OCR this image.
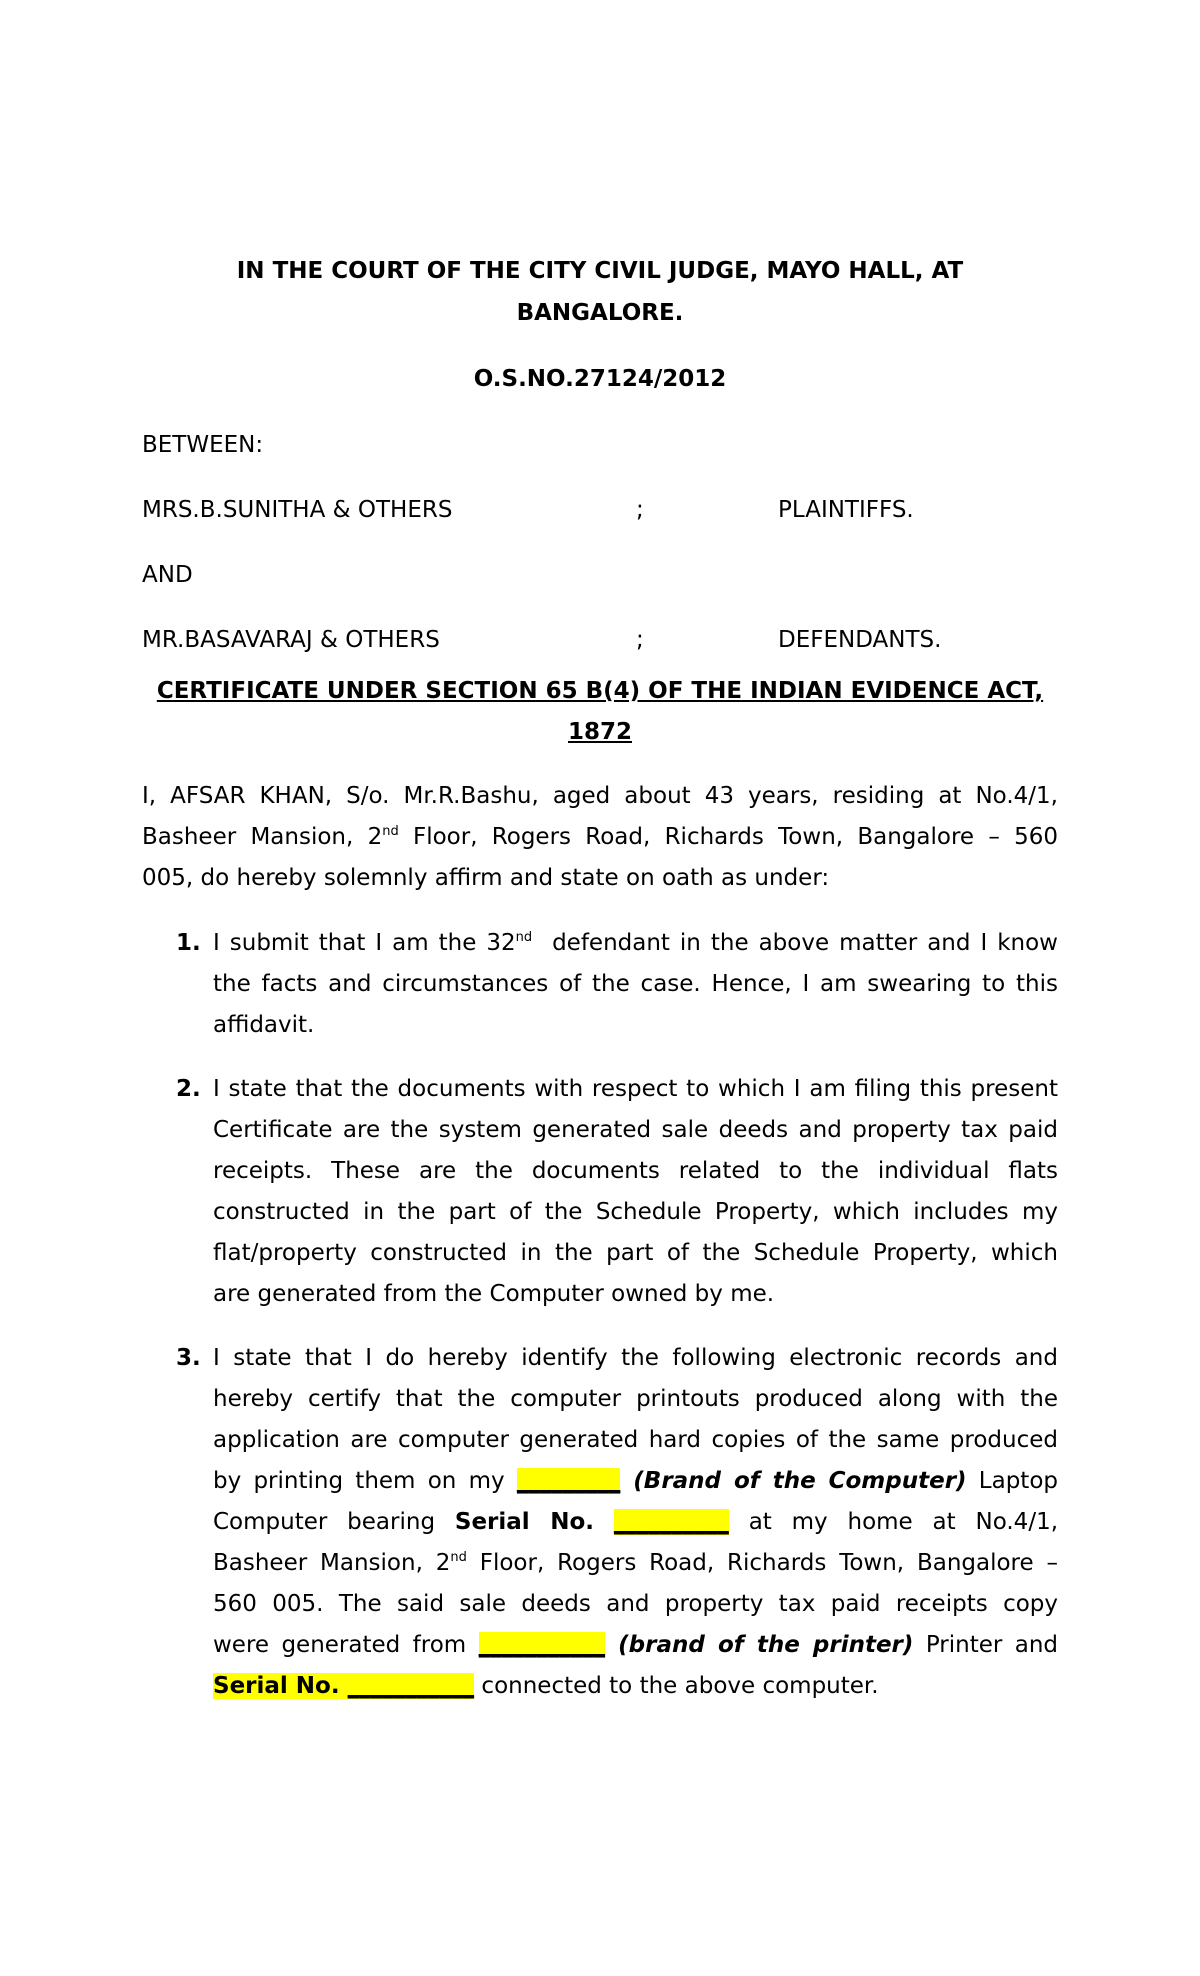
IN THE COURT OF THE CITY CIVIL JUDGE, MAYO HALL, AT
BANGALORE.
O.S.NO.27124/2012
BETWEEN:
MRS.B.SUNITHA & OTHERS	;	PLAINTIFFS.
AND
MR.BASAVARAJ & OTHERS	;	DEFENDANTS.
CERTIFICATE UNDER SECTION 65 B(4) OF THE INDIAN EVIDENCE ACT,
1872
I, AFSAR KHAN, S/o. Mr.R.Bashu, aged about 43 years, residing at No.4/1,
Basheer Mansion, 2nd Floor, Rogers Road, Richards Town, Bangalore – 560
005, do hereby solemnly affirm and state on oath as under:
1. I submit that I am the 32nd  defendant in the above matter and I know
the facts and circumstances of the case. Hence, I am swearing to this
affidavit.
2. I state that the documents with respect to which I am filing this present
Certificate are the system generated sale deeds and property tax paid
receipts. These are the documents related to the individual flats
constructed in the part of the Schedule Property, which includes my
flat/property constructed in the part of the Schedule Property, which
are generated from the Computer owned by me.
3. I state that I do hereby identify the following electronic records and
hereby certify that the computer printouts produced along with the
application are computer generated hard copies of the same produced
by printing them on my _________ (Brand of the Computer) Laptop
Computer bearing Serial No. __________ at my home at No.4/1,
Basheer Mansion, 2nd Floor, Rogers Road, Richards Town, Bangalore –
560 005. The said sale deeds and property tax paid receipts copy
were generated from ___________ (brand of the printer) Printer and
Serial No. ___________ connected to the above computer.
